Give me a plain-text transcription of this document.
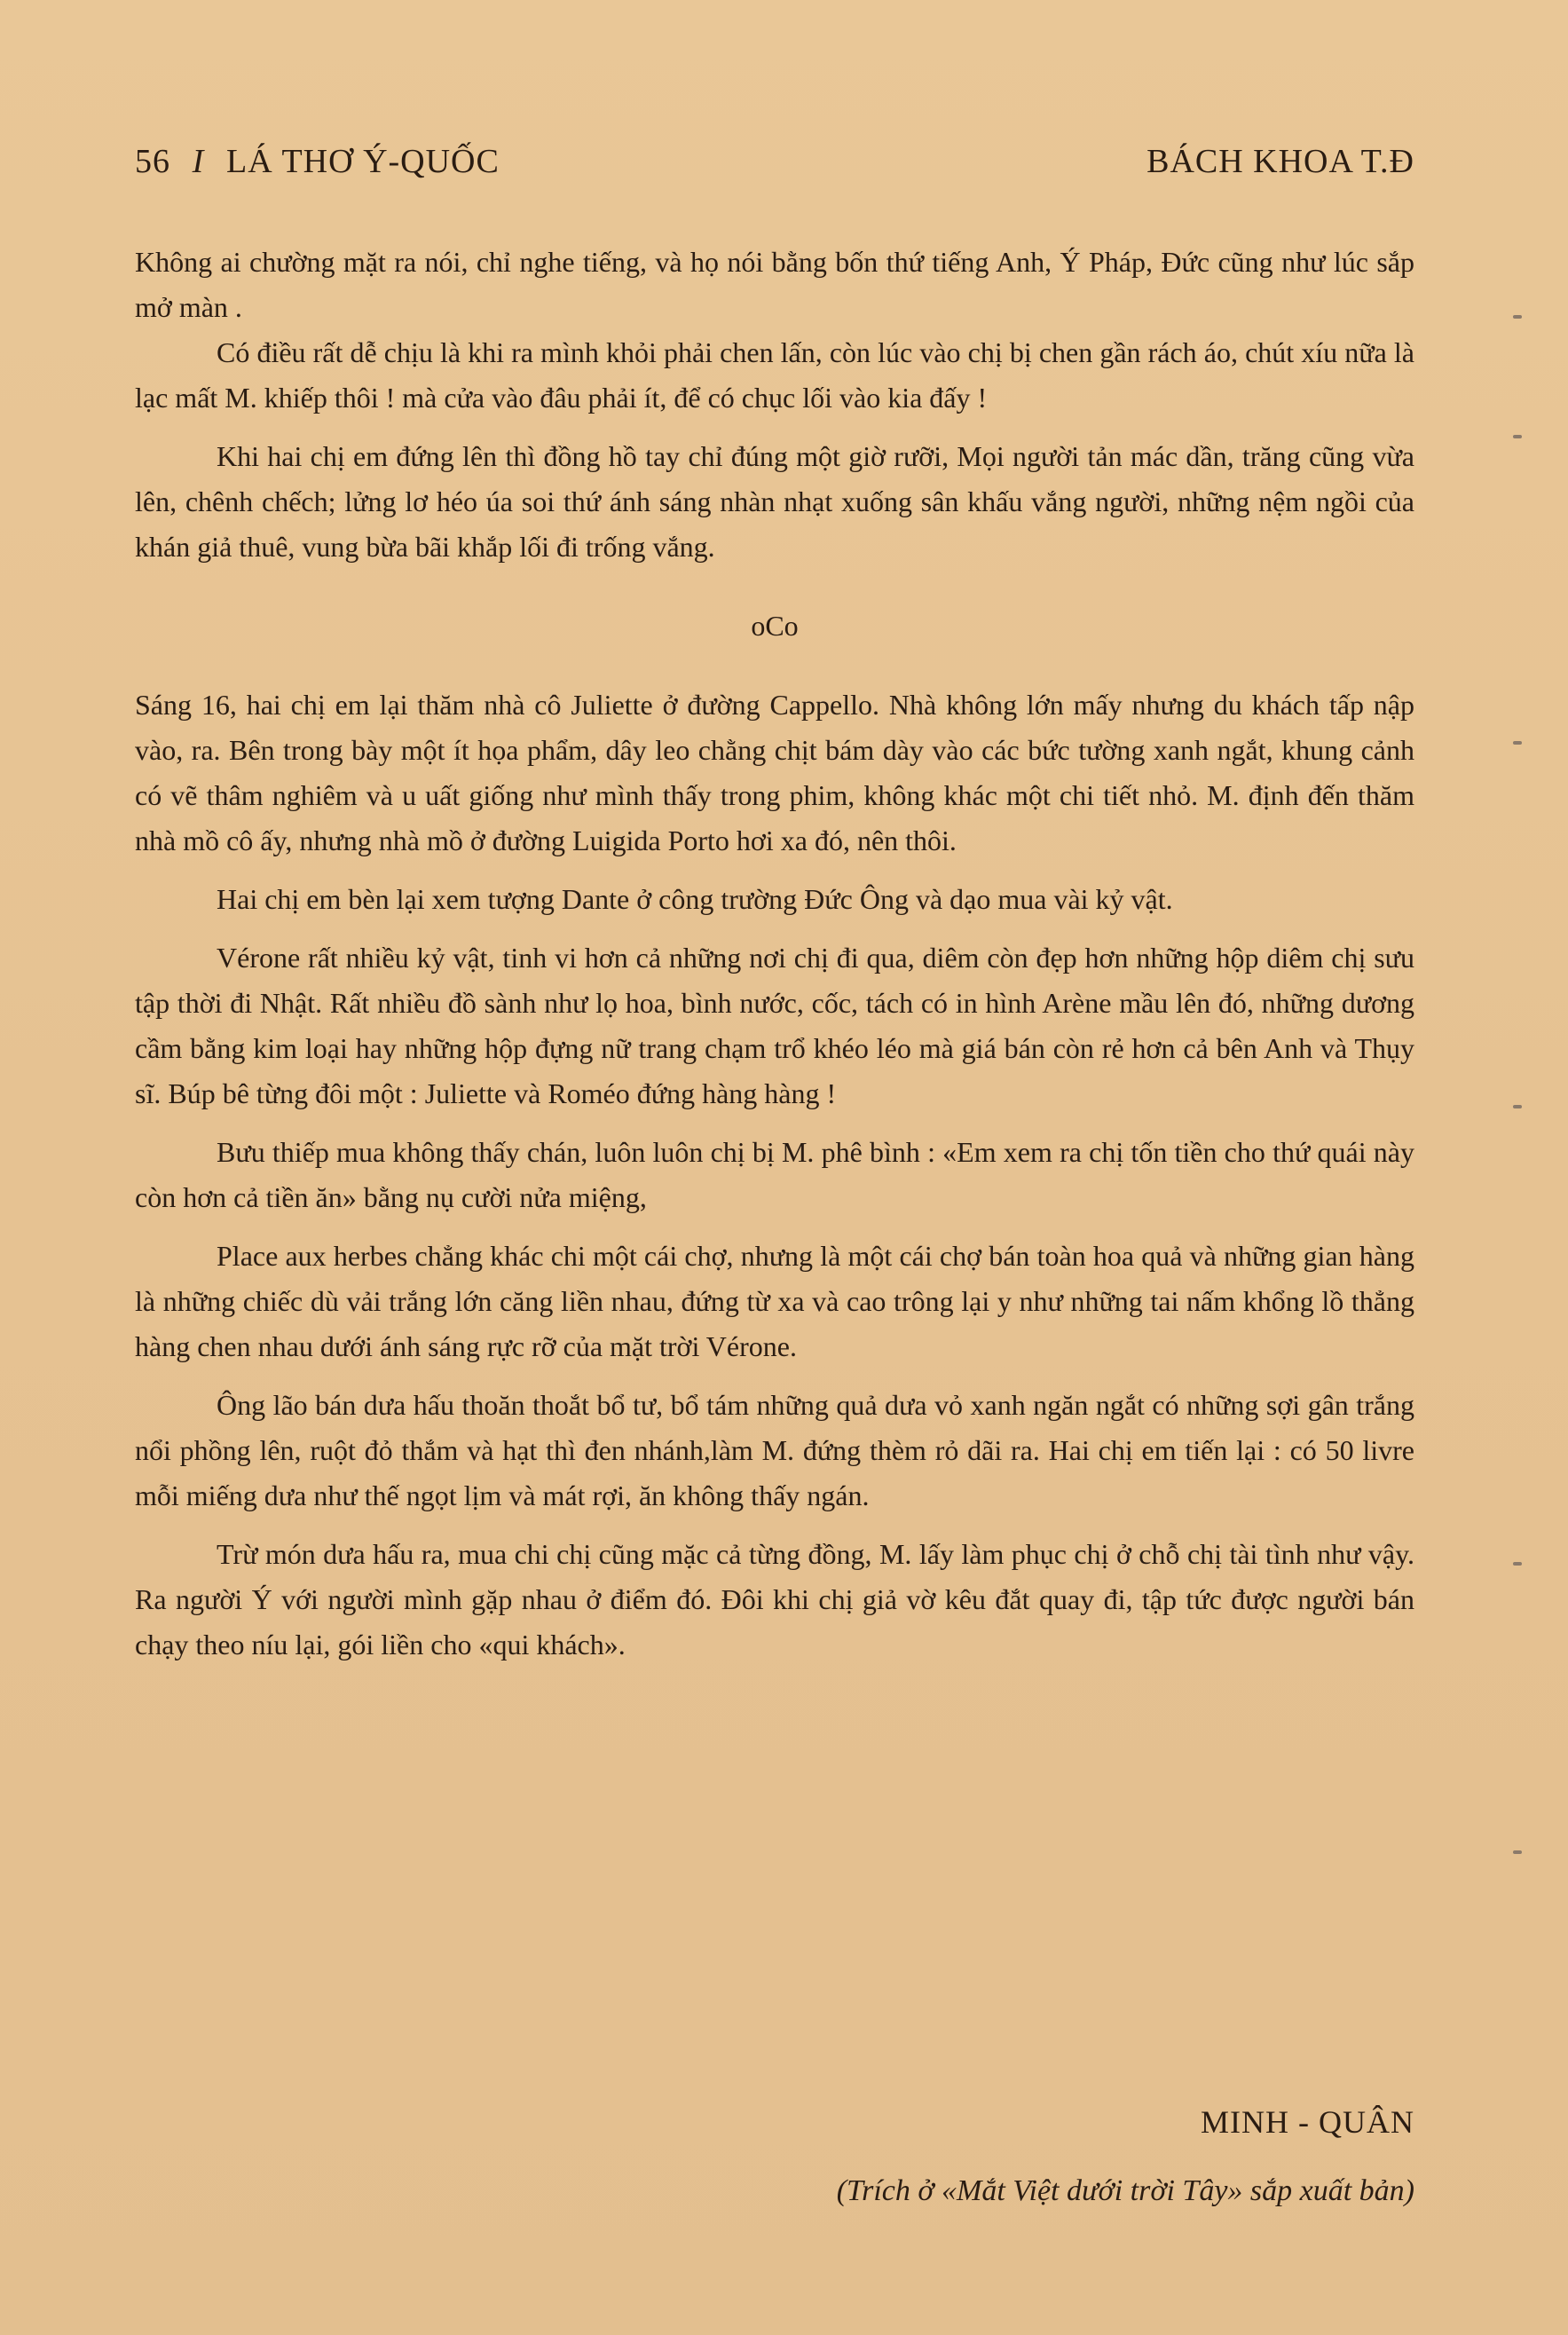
56 I LÁ THƠ Ý-QUỐC	BÁCH KHOA T.Đ

Không ai chường mặt ra nói, chỉ nghe tiếng, và họ nói bằng bốn thứ tiếng Anh, Ý Pháp, Đức cũng như lúc sắp mở màn .

Có điều rất dễ chịu là khi ra mình khỏi phải chen lấn, còn lúc vào chị bị chen gần rách áo, chút xíu nữa là lạc mất M. khiếp thôi ! mà cửa vào đâu phải ít, để có chục lối vào kia đấy !

Khi hai chị em đứng lên thì đồng hồ tay chỉ đúng một giờ rưỡi, Mọi người tản mác dần, trăng cũng vừa lên, chênh chếch; lửng lơ héo úa soi thứ ánh sáng nhàn nhạt xuống sân khấu vắng người, những nệm ngồi của khán giả thuê, vung bừa bãi khắp lối đi trống vắng.

oCo

Sáng 16, hai chị em lại thăm nhà cô Juliette ở đường Cappello. Nhà không lớn mấy nhưng du khách tấp nập vào, ra. Bên trong bày một ít họa phẩm, dây leo chằng chịt bám dày vào các bức tường xanh ngắt, khung cảnh có vẽ thâm nghiêm và u uất giống như mình thấy trong phim, không khác một chi tiết nhỏ. M. định đến thăm nhà mồ cô ấy, nhưng nhà mồ ở đường Luigida Porto hơi xa đó, nên thôi.

Hai chị em bèn lại xem tượng Dante ở công trường Đức Ông và dạo mua vài kỷ vật.

Vérone rất nhiều kỷ vật, tinh vi hơn cả những nơi chị đi qua, diêm còn đẹp hơn những hộp diêm chị sưu tập thời đi Nhật. Rất nhiều đồ sành như lọ hoa, bình nước, cốc, tách có in hình Arène mầu lên đó, những dương cầm bằng kim loại hay những hộp đựng nữ trang chạm trổ khéo léo mà giá bán còn rẻ hơn cả bên Anh và Thụy sĩ. Búp bê từng đôi một : Juliette và Roméo đứng hàng hàng !

Bưu thiếp mua không thấy chán, luôn luôn chị bị M. phê bình : «Em xem ra chị tốn tiền cho thứ quái này còn hơn cả tiền ăn» bằng nụ cười nửa miệng,

Place aux herbes chẳng khác chi một cái chợ, nhưng là một cái chợ bán toàn hoa quả và những gian hàng là những chiếc dù vải trắng lớn căng liền nhau, đứng từ xa và cao trông lại y như những tai nấm khổng lồ thẳng hàng chen nhau dưới ánh sáng rực rỡ của mặt trời Vérone.

Ông lão bán dưa hấu thoăn thoắt bổ tư, bổ tám những quả dưa vỏ xanh ngăn ngắt có những sợi gân trắng nổi phồng lên, ruột đỏ thắm và hạt thì đen nhánh,làm M. đứng thèm rỏ dãi ra. Hai chị em tiến lại : có 50 livre mỗi miếng dưa như thế ngọt lịm và mát rợi, ăn không thấy ngán.

Trừ món dưa hấu ra, mua chi chị cũng mặc cả từng đồng, M. lấy làm phục chị ở chỗ chị tài tình như vậy. Ra người Ý với người mình gặp nhau ở điểm đó. Đôi khi chị giả vờ kêu đắt quay đi, tập tức được người bán chạy theo níu lại, gói liền cho «qui khách».

MINH - QUÂN
(Trích ở «Mắt Việt dưới trời Tây» sắp xuất bản)
